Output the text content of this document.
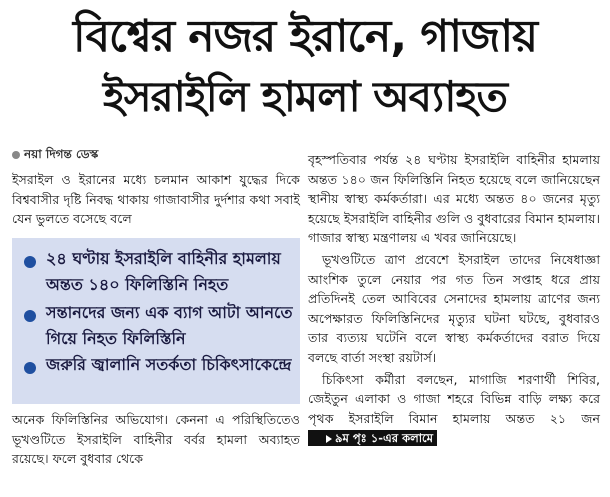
বিশ্বের নজর ইরানে, গাজায়
ইসরাইলি হামলা অব্যাহত
নয়া দিগন্ত ডেস্ক

ইসরাইল ও ইরানের মধ্যে চলমান আকাশ যুদ্ধের দিকে বিশ্ববাসীর দৃষ্টি নিবদ্ধ থাকায় গাজাবাসীর দুর্দশার কথা সবাই যেন ভুলতে বসেছে বলে

২৪ ঘণ্টায় ইসরাইলি বাহিনীর হামলায় অন্তত ১৪০ ফিলিস্তিনি নিহত
সন্তানদের জন্য এক ব্যাগ আটা আনতে গিয়ে নিহত ফিলিস্তিনি
জরুরি জ্বালানি সতর্কতা চিকিৎসাকেন্দ্রে

অনেক ফিলিস্তিনির অভিযোগ। কেননা এ পরিস্থিতিতেও ভূখণ্ডটিতে ইসরাইলি বাহিনীর বর্বর হামলা অব্যাহত রয়েছে। ফলে বুধবার থেকে

বৃহস্পতিবার পর্যন্ত ২৪ ঘণ্টায় ইসরাইলি বাহিনীর হামলায় অন্তত ১৪০ জন ফিলিস্তিনি নিহত হয়েছে বলে জানিয়েছেন স্থানীয় স্বাস্থ্য কর্মকর্তারা। এর মধ্যে অন্তত ৪০ জনের মৃত্যু হয়েছে ইসরাইলি বাহিনীর গুলি ও বুধবারের বিমান হামলায়। গাজার স্বাস্থ্য মন্ত্রণালয় এ খবর জানিয়েছে।

ভূখণ্ডটিতে ত্রাণ প্রবেশে ইসরাইল তাদের নিষেধাজ্ঞা আংশিক তুলে নেয়ার পর গত তিন সপ্তাহ ধরে প্রায় প্রতিদিনই তেল আবিবের সেনাদের হামলায় ত্রাণের জন্য অপেক্ষারত ফিলিস্তিনিদের মৃত্যুর ঘটনা ঘটছে, বুধবারও তার ব্যত্যয় ঘটেনি বলে স্বাস্থ্য কর্মকর্তাদের বরাত দিয়ে বলছে বার্তা সংস্থা রয়টার্স।

চিকিৎসা কর্মীরা বলছেন, মাগাজি শরণার্থী শিবির, জেইতুন এলাকা ও গাজা শহরে বিভিন্ন বাড়ি লক্ষ্য করে পৃথক ইসরাইলি বিমান হামলায় অন্তত ২১ জন ৯ম পৃঃ ১-এর কলামে
